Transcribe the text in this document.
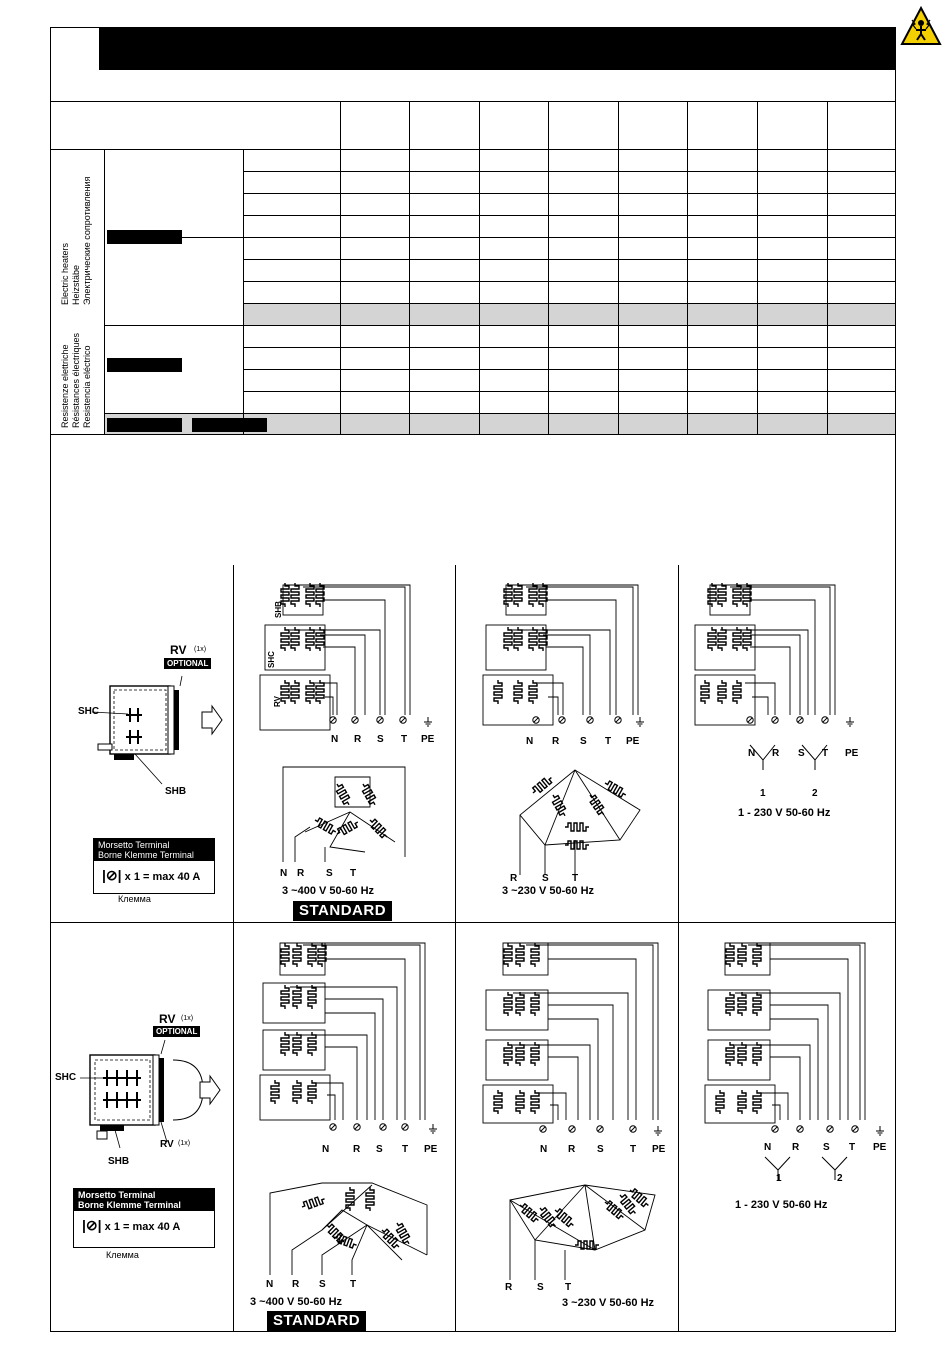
Electric heaters Heizstäbe Электрические сопротивления
Resistenze elettriche Résistances électriques Resistencia eléctrico
SHC
SHB
RV (1x)
OPTIONAL
Morsetto Terminal
Borne Klemme Terminal
|⊘| x 1 = max 40 A
Клемма
SHB
SHC
RV
N R S T PE
N R S T
3 ~400 V 50-60 Hz
STANDARD
N R S T PE
R S T
3 ~230 V 50-60 Hz
N R S T PE
1	2
1 - 230 V 50-60 Hz
SHC
SHB
RV (1x)
OPTIONAL
RV (1x)
Morsetto Terminal
Borne Klemme Terminal
|⊘| x 1 = max 40 A
Клемма
N R S T PE
N R S T
3 ~400 V 50-60 Hz
STANDARD
N R S	T PE
R S T
3 ~230 V 50-60 Hz
N R S T PE
1	2
1 - 230 V 50-60 Hz
